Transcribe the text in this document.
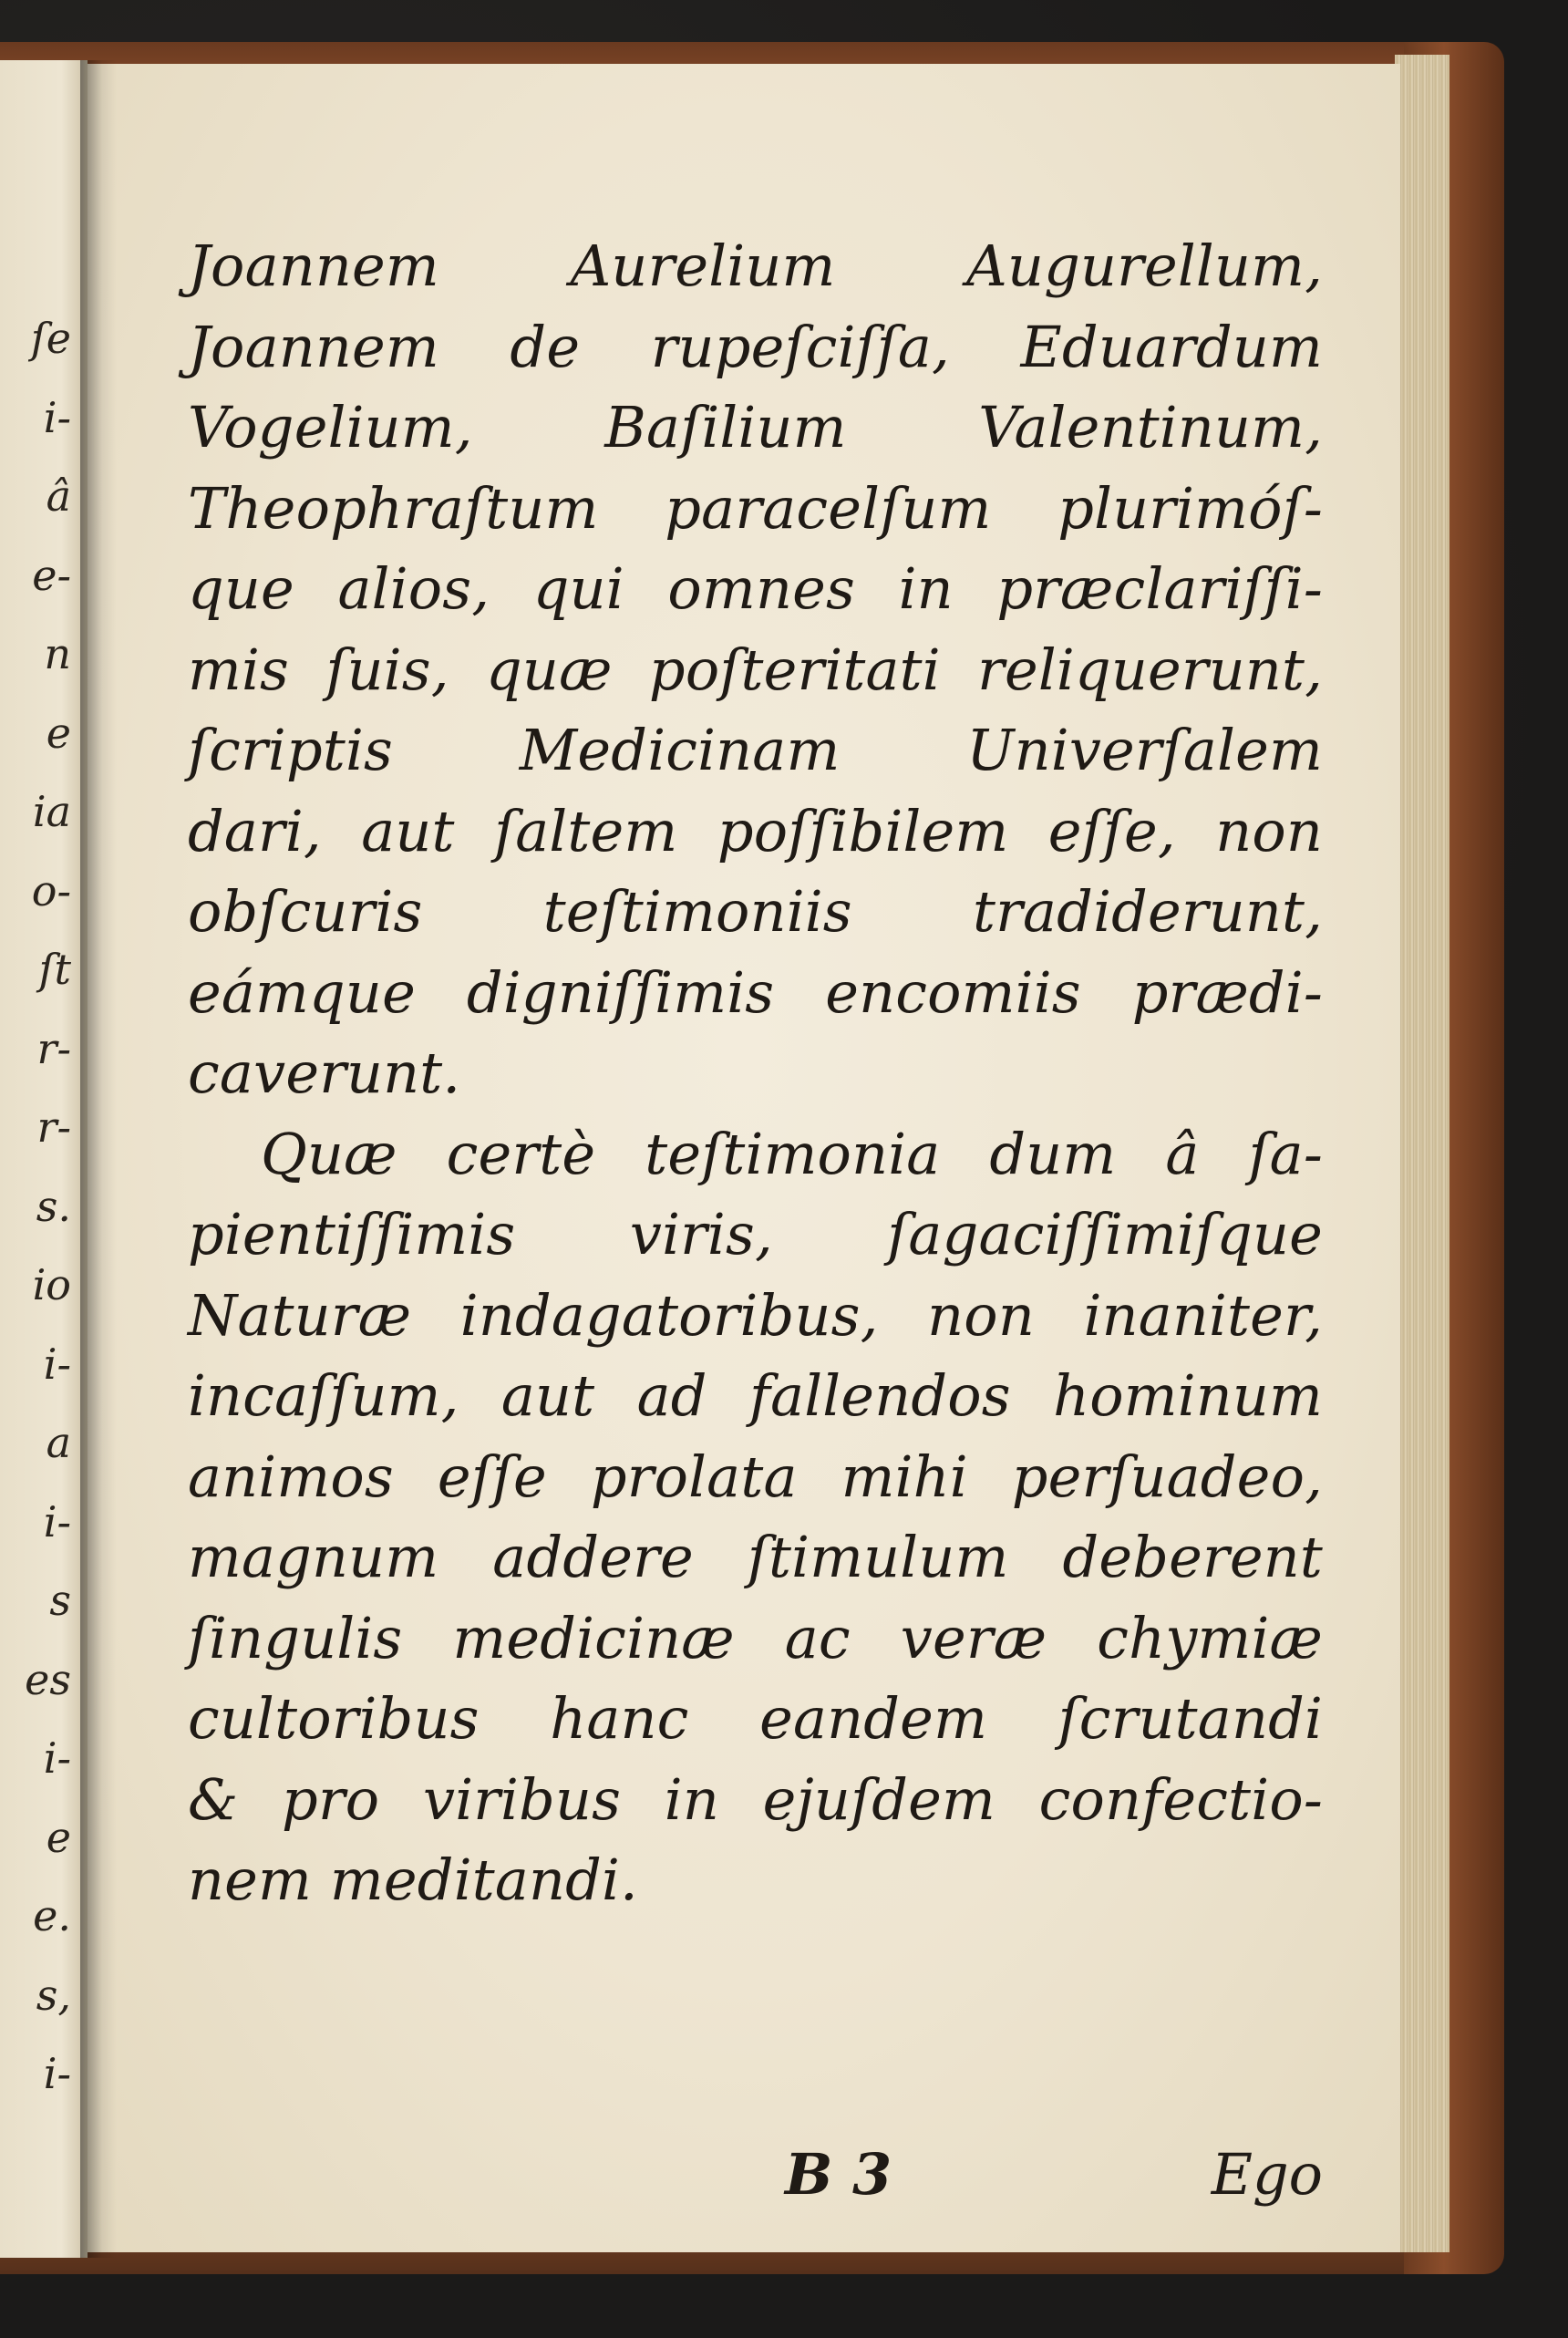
ſe
i-
â
e-
n
e
ia
o-
ſt
r-
r-
s.
io
i-
a
i-
s
es
i-
e
e.
s,
i-
Joannem Aurelium Augurellum,
Joannem de rupeſciſſa, Eduardum
Vogelium, Baſilium Valentinum,
Theophraſtum paracelſum plurimóſ-
que alios, qui omnes in præclariſſi-
mis ſuis, quæ poſteritati reliquerunt,
ſcriptis Medicinam Univerſalem
dari, aut ſaltem poſſibilem eſſe, non
obſcuris teſtimoniis tradiderunt,
eámque digniſſimis encomiis prædi-
caverunt.
Quæ certè teſtimonia dum â ſa-
pientiſſimis viris, ſagaciſſimiſque
Naturæ indagatoribus, non inaniter,
incaſſum, aut ad fallendos hominum
animos eſſe prolata mihi perſuadeo,
magnum addere ſtimulum deberent
ſingulis medicinæ ac veræ chymiæ
cultoribus hanc eandem ſcrutandi
& pro viribus in ejuſdem confectio-
nem meditandi.
B 3	Ego
